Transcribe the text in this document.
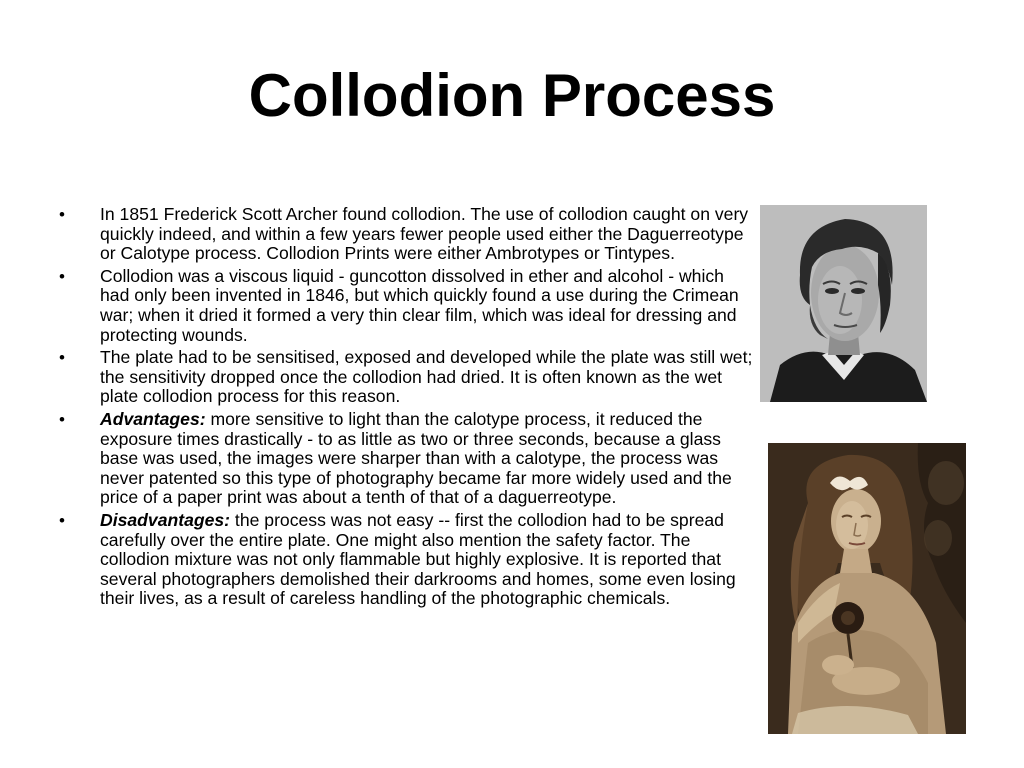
Collodion Process
• In 1851 Frederick Scott Archer found collodion. The use of collodion caught on very quickly indeed, and within a few years fewer people used either the Daguerreotype or Calotype process. Collodion Prints were either Ambrotypes or Tintypes.
• Collodion was a viscous liquid - guncotton dissolved in ether and alcohol - which had only been invented in 1846, but which quickly found a use during the Crimean war; when it dried it formed a very thin clear film, which was ideal for dressing and protecting wounds.
• The plate had to be sensitised, exposed and developed while the plate was still wet; the sensitivity dropped once the collodion had dried. It is often known as the wet plate collodion process for this reason.
• Advantages: more sensitive to light than the calotype process, it reduced the exposure times drastically - to as little as two or three seconds, because a glass base was used, the images were sharper than with a calotype, the process was never patented so this type of photography became far more widely used and the price of a paper print was about a tenth of that of a daguerreotype.
• Disadvantages: the process was not easy -- first the collodion had to be spread carefully over the entire plate. One might also mention the safety factor. The collodion mixture was not only flammable but highly explosive. It is reported that several photographers demolished their darkrooms and homes, some even losing their lives, as a result of careless handling of the photographic chemicals.
